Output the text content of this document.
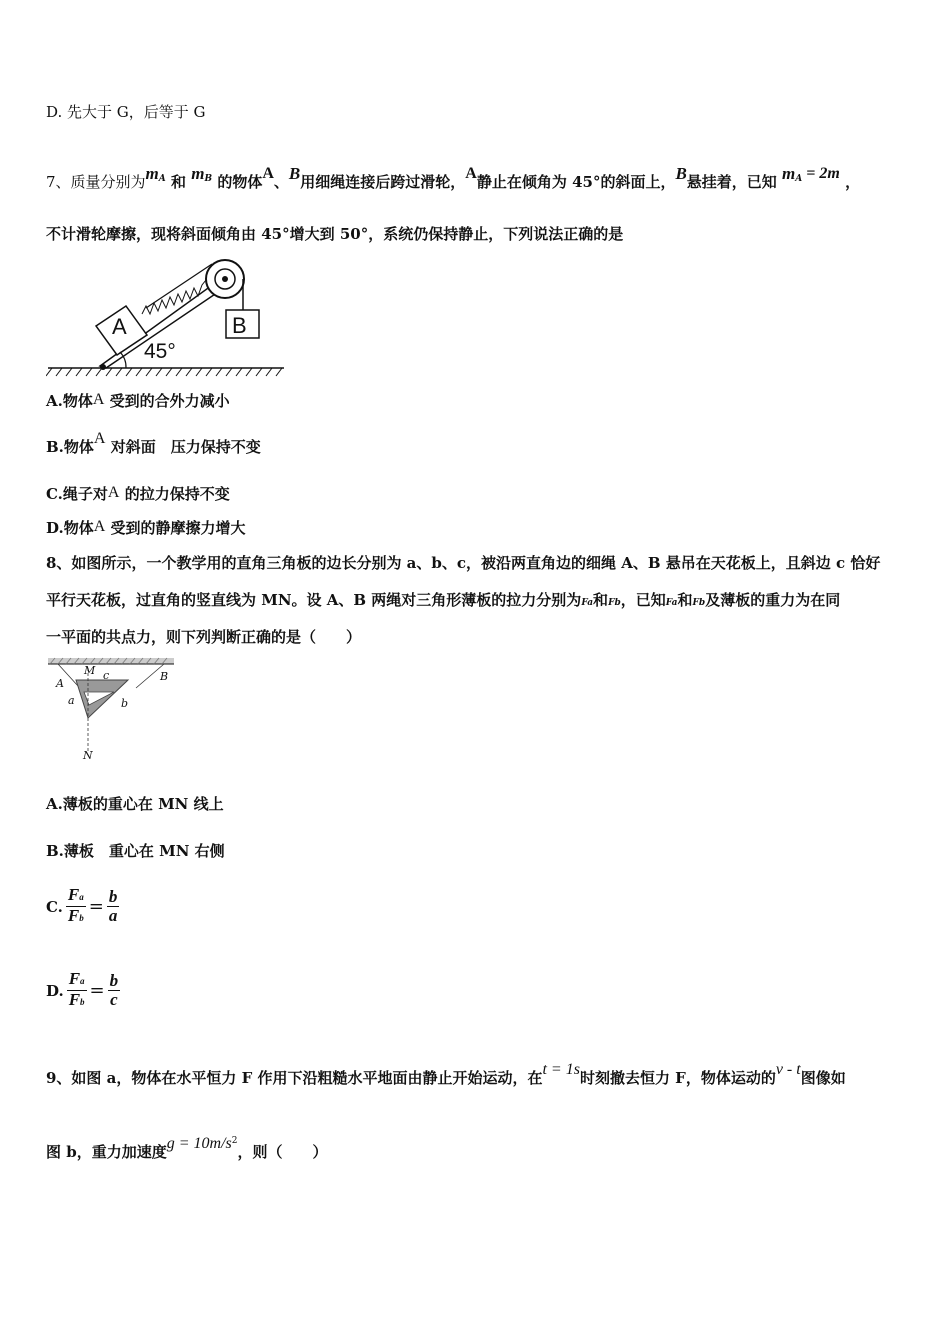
D. 先大于 G，后等于 G
7、质量分别为$m^A$ 和 $m^B$ 的物体A、B用细绳连接后跨过滑轮，A静止在倾角为 45°的斜面上，B悬挂着，已知 $m^A = 2m$ ，
不计滑轮摩擦，现将斜面倾角由 45°增大到 50°，系统仍保持静止，下列说法正确的是
A	B
45°
A.物体A 受到的合外力减小
B.物体A 对斜面　压力保持不变
C.绳子对A 的拉力保持不变
D.物体A 受到的静摩擦力增大
8、如图所示，一个教学用的直角三角板的边长分别为 a、b、c，被沿两直角边的细绳 A、B 悬吊在天花板上，且斜边 c 恰好
平行天花板，过直角的竖直线为 MN。设 A、B 两绳对三角形薄板的拉力分别为Fa和Fb，已知Fa和Fb及薄板的重力为在同
一平面的共点力，则下列判断正确的是（　　）
M
A
B
c
a	b
N
A.薄板的重心在 MN 线上
B.薄板　重心在 MN 右侧
C. $\frac{Fa}{Fb} = \frac{b}{a}$
D. $\frac{Fa}{Fb} = \frac{b}{c}$
9、如图 a，物体在水平恒力 F 作用下沿粗糙水平地面由静止开始运动，在t = 1s时刻撤去恒力 F，物体运动的v - t图像如
图 b，重力加速度$g = 10m/s^2$，则（　　）
